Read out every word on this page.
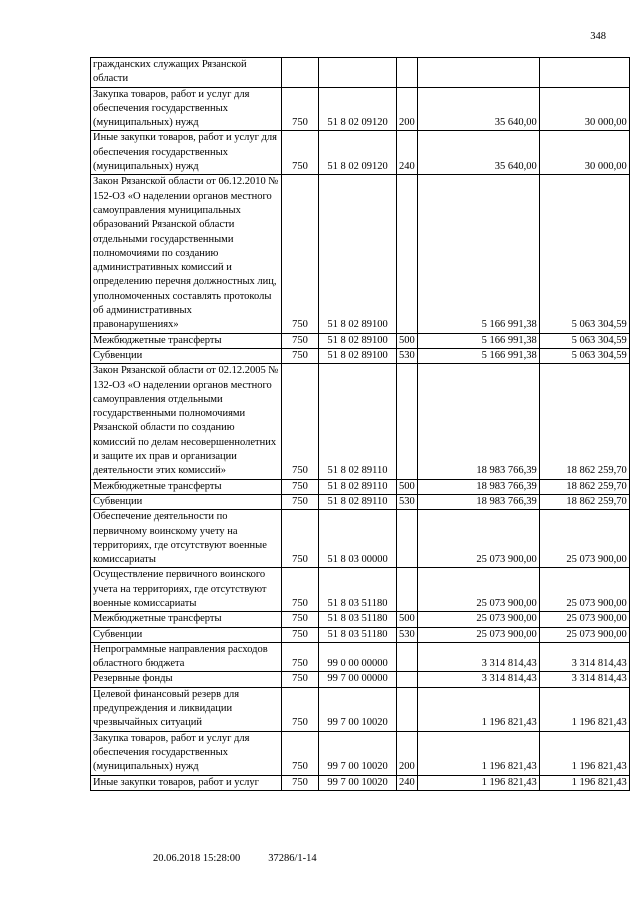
348
гражданских служащих Рязанской области					
Закупка товаров, работ и услуг для обеспечения государственных (муниципальных) нужд	750	51 8 02 09120	200	35 640,00	30 000,00
Иные закупки товаров, работ и услуг для обеспечения государственных (муниципальных) нужд	750	51 8 02 09120	240	35 640,00	30 000,00
Закон Рязанской области от 06.12.2010 № 152-ОЗ «О наделении органов местного самоуправления муниципальных образований Рязанской области отдельными государственными полномочиями по созданию административных комиссий и определению перечня должностных лиц, уполномоченных составлять протоколы об административных правонарушениях»	750	51 8 02 89100		5 166 991,38	5 063 304,59
Межбюджетные трансферты	750	51 8 02 89100	500	5 166 991,38	5 063 304,59
Субвенции	750	51 8 02 89100	530	5 166 991,38	5 063 304,59
Закон Рязанской области от 02.12.2005 № 132-ОЗ «О наделении органов местного самоуправления отдельными государственными полномочиями Рязанской области по созданию комиссий по делам несовершеннолетних и защите их прав и организации деятельности этих комиссий»	750	51 8 02 89110		18 983 766,39	18 862 259,70
Межбюджетные трансферты	750	51 8 02 89110	500	18 983 766,39	18 862 259,70
Субвенции	750	51 8 02 89110	530	18 983 766,39	18 862 259,70
Обеспечение деятельности по первичному воинскому учету на территориях, где отсутствуют военные комиссариаты	750	51 8 03 00000		25 073 900,00	25 073 900,00
Осуществление первичного воинского учета на территориях, где отсутствуют военные комиссариаты	750	51 8 03 51180		25 073 900,00	25 073 900,00
Межбюджетные трансферты	750	51 8 03 51180	500	25 073 900,00	25 073 900,00
Субвенции	750	51 8 03 51180	530	25 073 900,00	25 073 900,00
Непрограммные направления расходов областного бюджета	750	99 0 00 00000		3 314 814,43	3 314 814,43
Резервные фонды	750	99 7 00 00000		3 314 814,43	3 314 814,43
Целевой финансовый резерв для предупреждения и ликвидации чрезвычайных ситуаций	750	99 7 00 10020		1 196 821,43	1 196 821,43
Закупка товаров, работ и услуг для обеспечения государственных (муниципальных) нужд	750	99 7 00 10020	200	1 196 821,43	1 196 821,43
Иные закупки товаров, работ и услуг	750	99 7 00 10020	240	1 196 821,43	1 196 821,43
20.06.2018 15:28:00	37286/1-14
